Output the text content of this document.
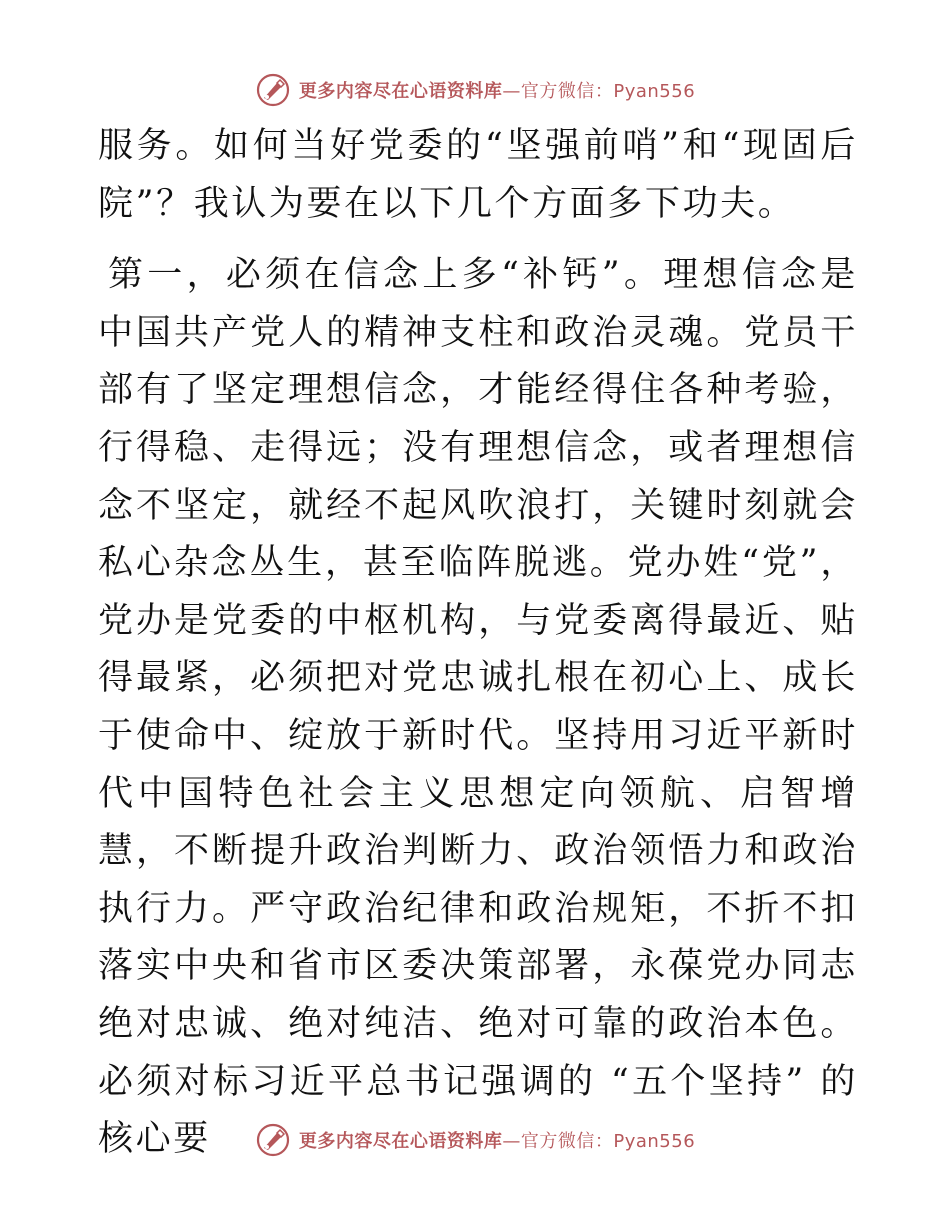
更多内容尽在心语资料库—官方微信：Pyan556

服务。如何当好党委的“坚强前哨”和“现固后院”？我认为要在以下几个方面多下功夫。

第一，必须在信念上多“补钙”。理想信念是中国共产党人的精神支柱和政治灵魂。党员干部有了坚定理想信念，才能经得住各种考验，行得稳、走得远；没有理想信念，或者理想信念不坚定，就经不起风吹浪打，关键时刻就会私心杂念丛生，甚至临阵脱逃。党办姓“党”，党办是党委的中枢机构，与党委离得最近、贴得最紧，必须把对党忠诚扎根在初心上、成长于使命中、绽放于新时代。坚持用习近平新时代中国特色社会主义思想定向领航、启智增慧，不断提升政治判断力、政治领悟力和政治执行力。严守政治纪律和政治规矩，不折不扣落实中央和省市区委决策部署，永葆党办同志绝对忠诚、绝对纯洁、绝对可靠的政治本色。必须对标习近平总书记强调的 “五个坚持” 的核心要	更多内容尽在心语资料库—官方微信：Pyan556
